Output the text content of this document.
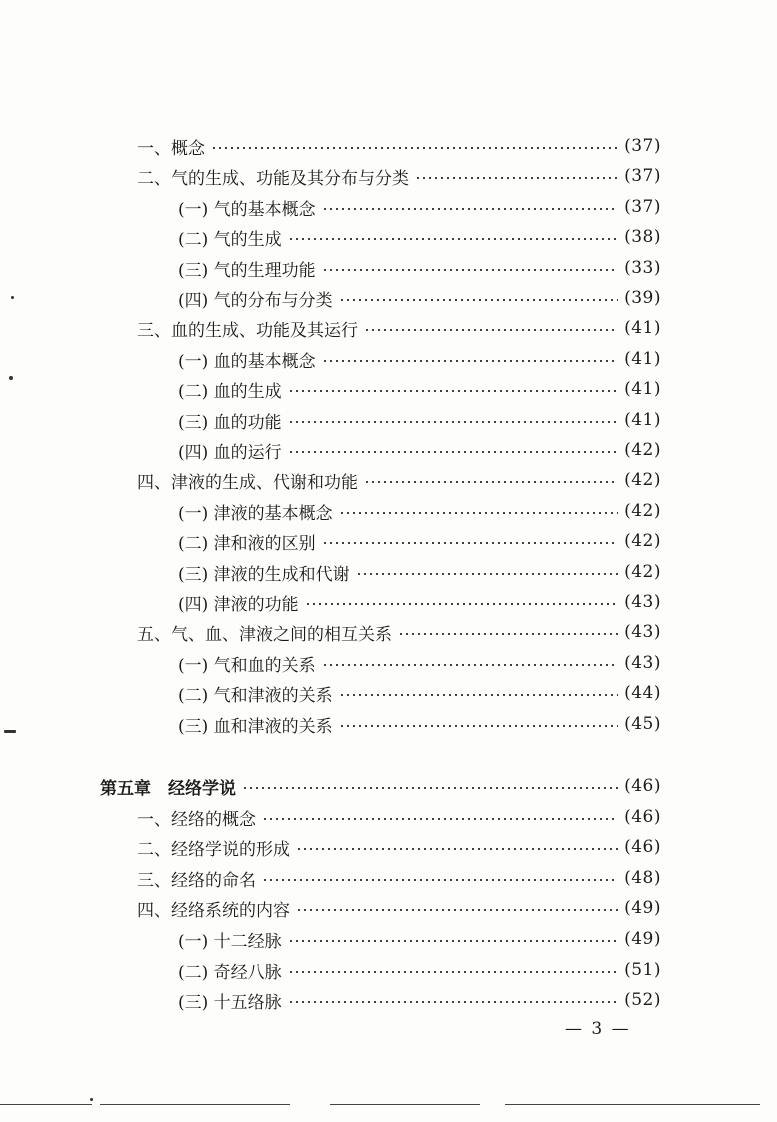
一、概念	(37)
二、气的生成、功能及其分布与分类	(37)
(一) 气的基本概念	(37)
(二) 气的生成	(38)
(三) 气的生理功能	(33)
(四) 气的分布与分类	(39)
三、血的生成、功能及其运行	(41)
(一) 血的基本概念	(41)
(二) 血的生成	(41)
(三) 血的功能	(41)
(四) 血的运行	(42)
四、津液的生成、代谢和功能	(42)
(一) 津液的基本概念	(42)
(二) 津和液的区别	(42)
(三) 津液的生成和代谢	(42)
(四) 津液的功能	(43)
五、气、血、津液之间的相互关系	(43)
(一) 气和血的关系	(43)
(二) 气和津液的关系	(44)
(三) 血和津液的关系	(45)
第五章　经络学说	(46)
一、经络的概念	(46)
二、经络学说的形成	(46)
三、经络的命名	(48)
四、经络系统的内容	(49)
(一) 十二经脉	(49)
(二) 奇经八脉	(51)
(三) 十五络脉	(52)
— 3 —
